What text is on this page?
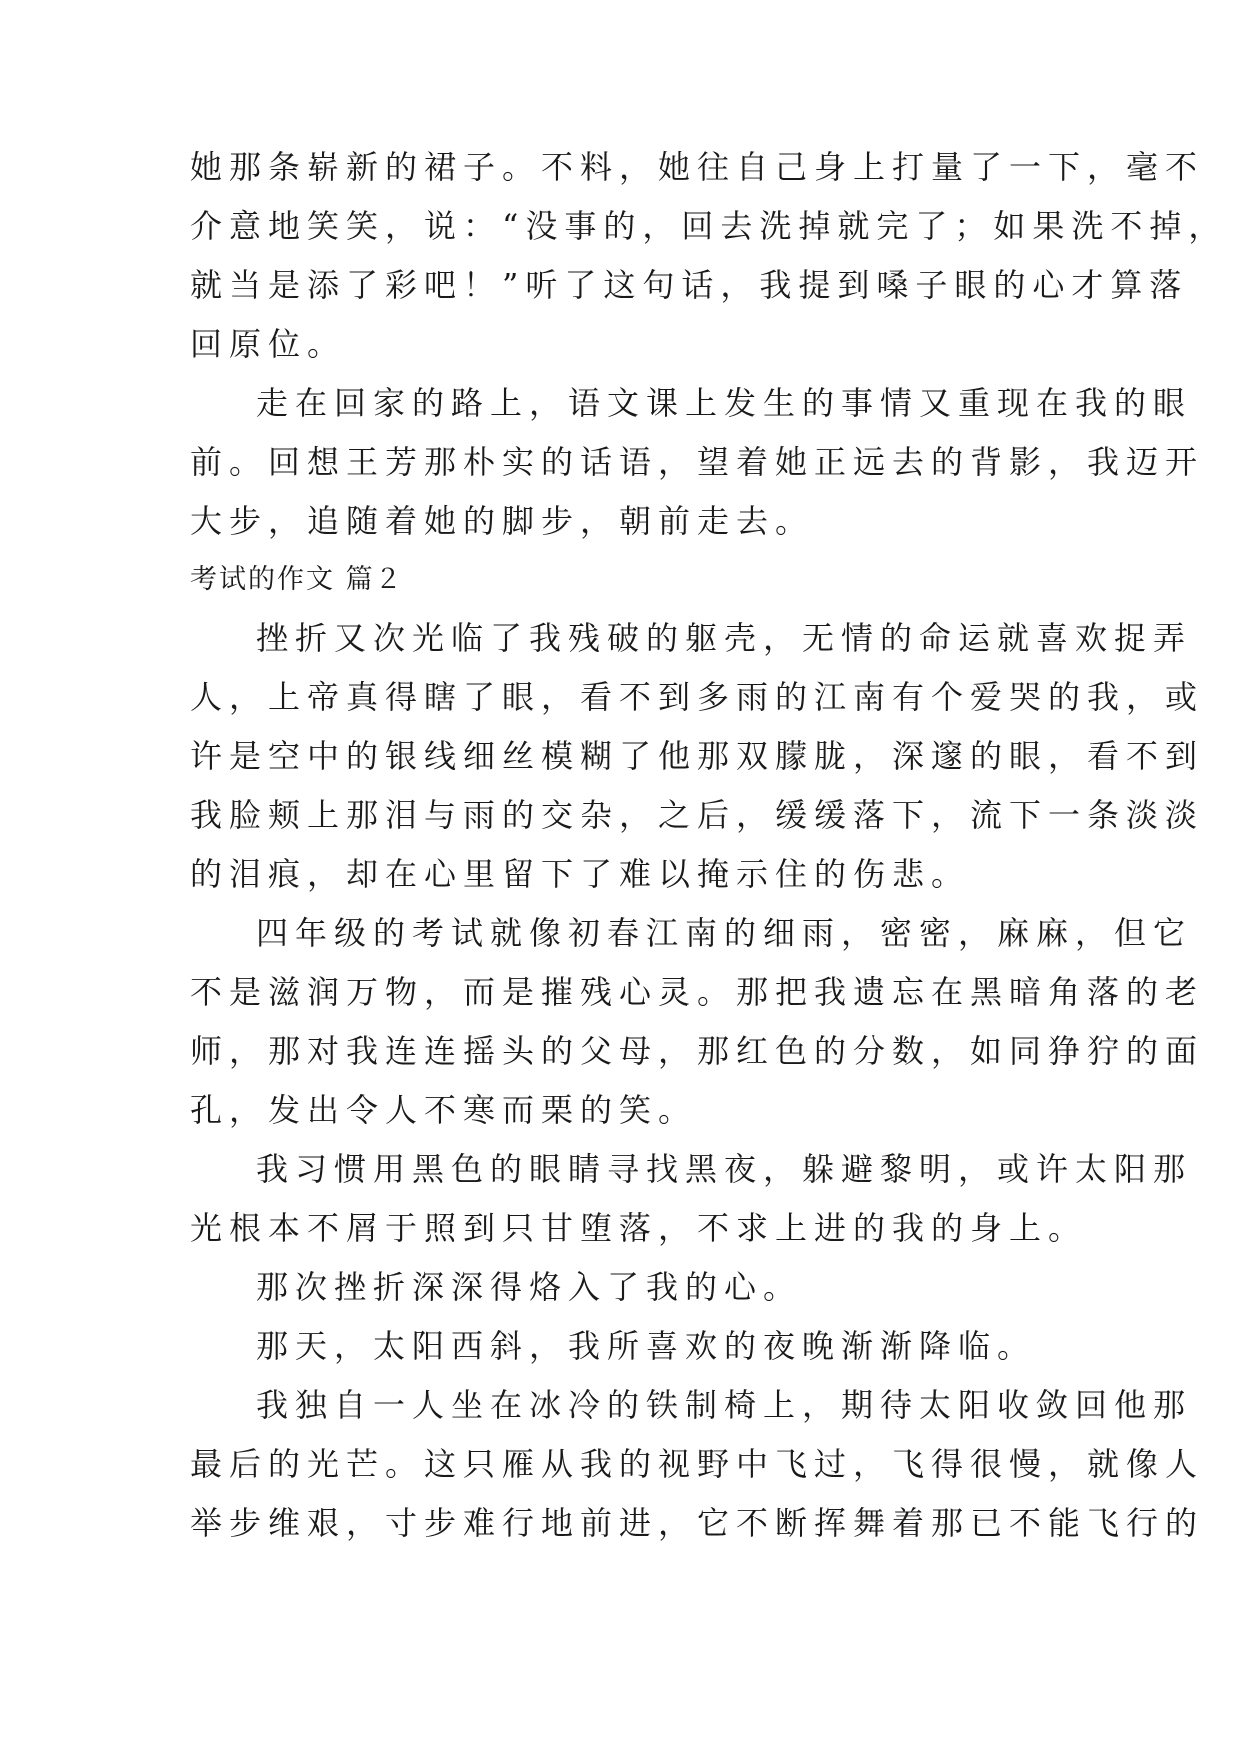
她那条崭新的裙子。不料，她往自己身上打量了一下，毫不
介意地笑笑，说：“没事的，回去洗掉就完了；如果洗不掉，
就当是添了彩吧！”听了这句话，我提到嗓子眼的心才算落
回原位。
走在回家的路上，语文课上发生的事情又重现在我的眼
前。回想王芳那朴实的话语，望着她正远去的背影，我迈开
大步，追随着她的脚步，朝前走去。
考试的作文 篇２
挫折又次光临了我残破的躯壳，无情的命运就喜欢捉弄
人，上帝真得瞎了眼，看不到多雨的江南有个爱哭的我，或
许是空中的银线细丝模糊了他那双朦胧，深邃的眼，看不到
我脸颊上那泪与雨的交杂，之后，缓缓落下，流下一条淡淡
的泪痕，却在心里留下了难以掩示住的伤悲。
四年级的考试就像初春江南的细雨，密密，麻麻，但它
不是滋润万物，而是摧残心灵。那把我遗忘在黑暗角落的老
师，那对我连连摇头的父母，那红色的分数，如同狰狞的面
孔，发出令人不寒而栗的笑。
我习惯用黑色的眼睛寻找黑夜，躲避黎明，或许太阳那
光根本不屑于照到只甘堕落，不求上进的我的身上。
那次挫折深深得烙入了我的心。
那天，太阳西斜，我所喜欢的夜晚渐渐降临。
我独自一人坐在冰冷的铁制椅上，期待太阳收敛回他那
最后的光芒。这只雁从我的视野中飞过，飞得很慢，就像人
举步维艰，寸步难行地前进，它不断挥舞着那已不能飞行的
